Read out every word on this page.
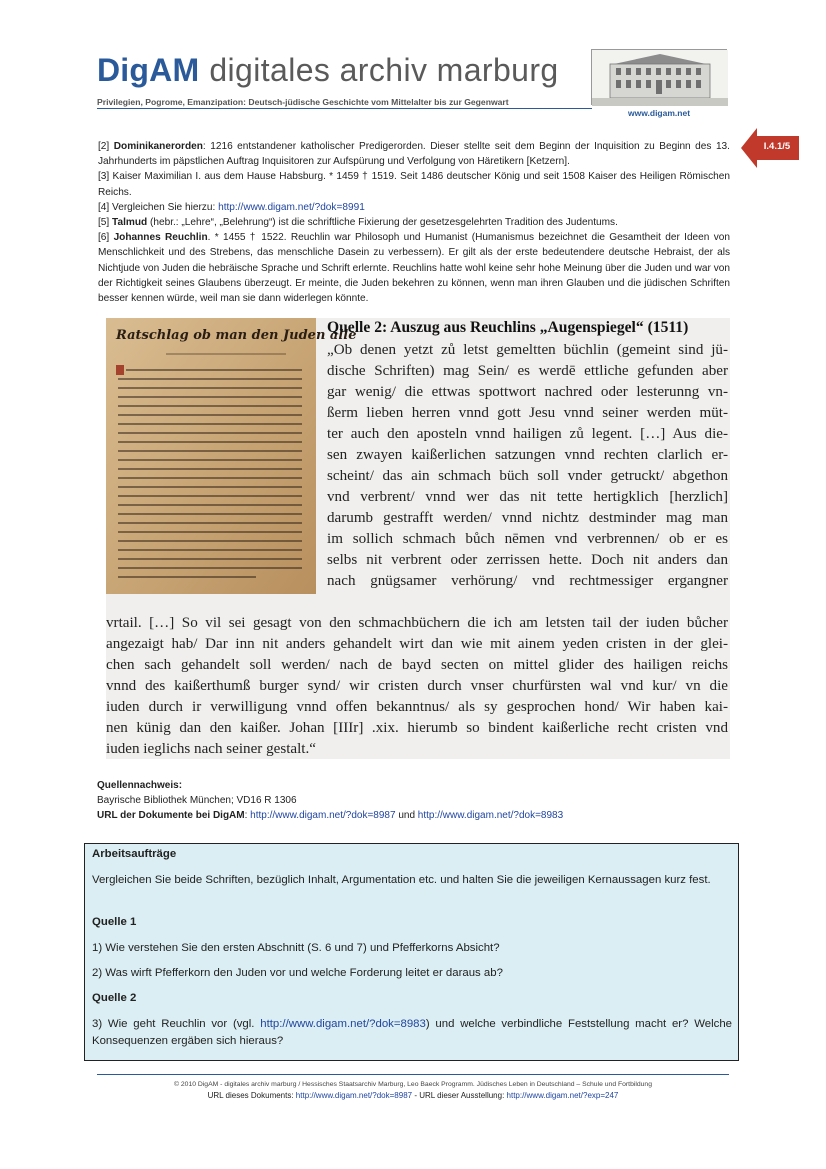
DigAM digitales archiv marburg
Privilegien, Pogrome, Emanzipation: Deutsch-jüdische Geschichte vom Mittelalter bis zur Gegenwart
www.digam.net
I.4.1/5

[2] Dominikanerorden: 1216 entstandener katholischer Predigerorden. Dieser stellte seit dem Beginn der Inquisition zu Beginn des 13. Jahrhunderts im päpstlichen Auftrag Inquisitoren zur Aufspürung und Verfolgung von Häretikern [Ketzern].

[3] Kaiser Maximilian I. aus dem Hause Habsburg. * 1459 † 1519. Seit 1486 deutscher König und seit 1508 Kaiser des Heiligen Römischen Reichs.

[4] Vergleichen Sie hierzu: http://www.digam.net/?dok=8991

[5] Talmud (hebr.: „Lehre“, „Belehrung“) ist die schriftliche Fixierung der gesetzesgelehrten Tradition des Judentums.

[6] Johannes Reuchlin. * 1455 † 1522. Reuchlin war Philosoph und Humanist (Humanismus bezeichnet die Gesamtheit der Ideen von Menschlichkeit und des Strebens, das menschliche Dasein zu verbessern). Er gilt als der erste bedeutendere deutsche Hebraist, der als Nichtjude von Juden die hebräische Sprache und Schrift erlernte. Reuchlins hatte wohl keine sehr hohe Meinung über die Juden und war von der Richtigkeit seines Glaubens überzeugt. Er meinte, die Juden bekehren zu können, wenn man ihren Glauben und die jüdischen Schriften besser kennen würde, weil man sie dann widerlegen könnte.

Ratschlag ob man den Juden alle
Quelle 2: Auszug aus Reuchlins „Augenspiegel“ (1511)
„Ob denen yetzt zů letst gemeltten büchlin (gemeint sind jü-
dische Schriften) mag Sein/ es werdē ettliche gefunden aber
gar wenig/ die ettwas spottwort nachred oder lesterunng vn-
ßerm lieben herren vnnd gott Jesu vnnd seiner werden müt-
ter auch den aposteln vnnd hailigen zů legent. […] Aus die-
sen zwayen kaißerlichen satzungen vnnd rechten clarlich er-
scheint/ das ain schmach büch soll vnder getruckt/ abgethon
vnd verbrent/ vnnd wer das nit tette hertigklich [herzlich]
darumb gestrafft werden/ vnnd nichtz destminder mag man
im sollich schmach bůch nēmen vnd verbrennen/ ob er es
selbs nit verbrent oder zerrissen hette. Doch nit anders dan
nach gnügsamer verhörung/ vnd rechtmessiger ergangner
vrtail. […] So vil sei gesagt von den schmachbüchern die ich am letsten tail der iuden bůcher
angezaigt hab/ Dar inn nit anders gehandelt wirt dan wie mit ainem yeden cristen in der glei-
chen sach gehandelt soll werden/ nach de bayd secten on mittel glider des hailigen reichs
vnnd des kaißerthumß burger synd/ wir cristen durch vnser churfürsten wal vnd kur/ vn die
iuden durch ir verwilligung vnnd offen bekanntnus/ als sy gesprochen hond/ Wir haben kai-
nen künig dan den kaißer. Johan [IIIr] .xix. hierumb so bindent kaißerliche recht cristen vnd
iuden ieglichs nach seiner gestalt.“
Quellennachweis:
Bayrische Bibliothek München; VD16 R 1306
URL der Dokumente bei DigAM: http://www.digam.net/?dok=8987 und http://www.digam.net/?dok=8983
Arbeitsaufträge
Vergleichen Sie beide Schriften, bezüglich Inhalt, Argumentation etc. und halten Sie die jeweiligen Kernaussagen kurz fest.
Quelle 1
1) Wie verstehen Sie den ersten Abschnitt (S. 6 und 7) und Pfefferkorns Absicht?
2) Was wirft Pfefferkorn den Juden vor und welche Forderung leitet er daraus ab?
Quelle 2
3) Wie geht Reuchlin vor (vgl. http://www.digam.net/?dok=8983) und welche verbindliche Feststellung macht er? Welche Konsequenzen ergäben sich hieraus?
© 2010 DigAM - digitales archiv marburg / Hessisches Staatsarchiv Marburg, Leo Baeck Programm. Jüdisches Leben in Deutschland – Schule und Fortbildung
URL dieses Dokuments: http://www.digam.net/?dok=8987 - URL dieser Ausstellung: http://www.digam.net/?exp=247
